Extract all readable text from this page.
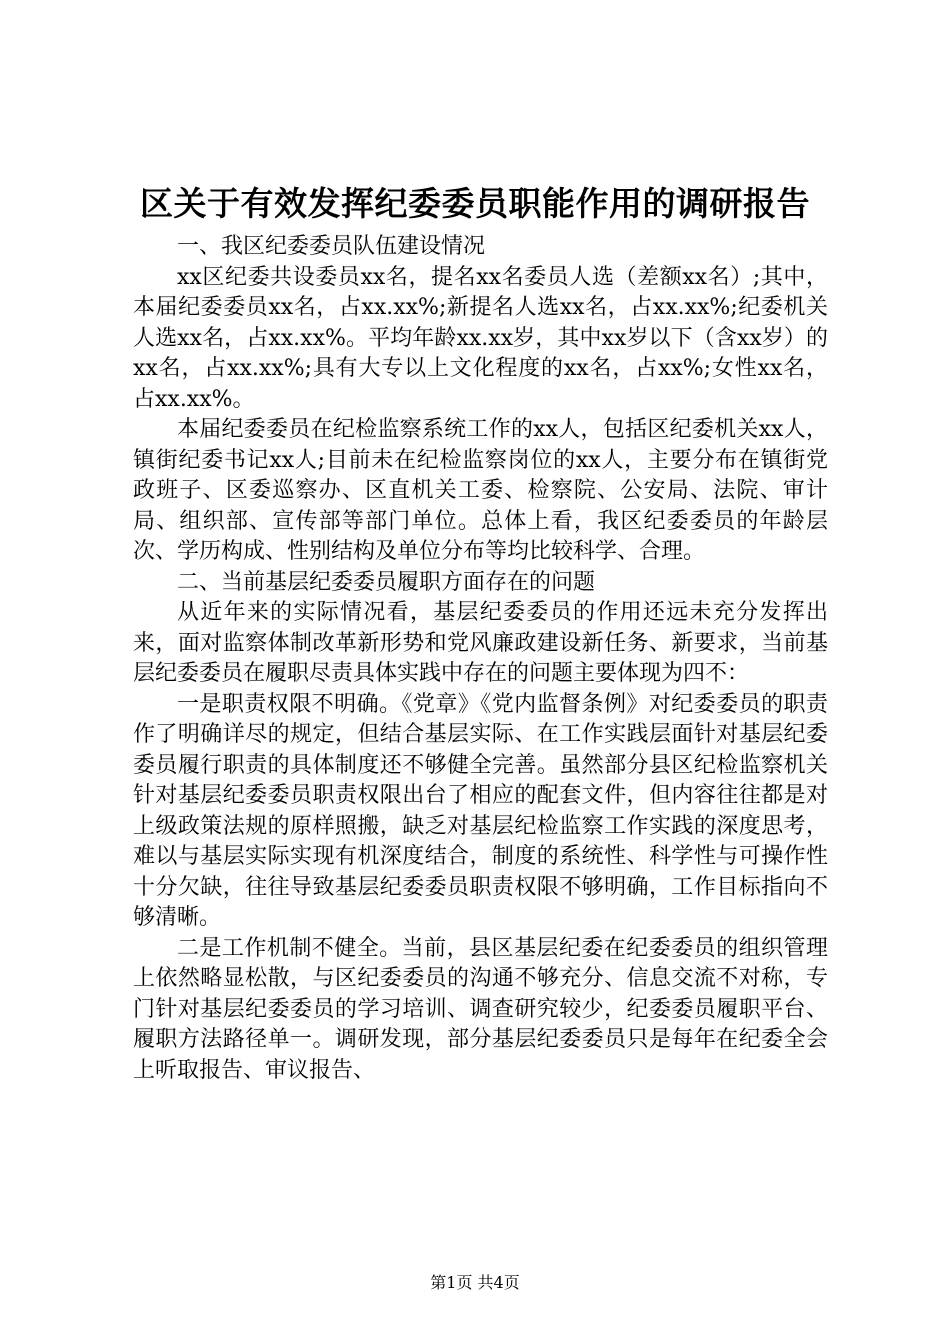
区关于有效发挥纪委委员职能作用的调研报告

一、我区纪委委员队伍建设情况

xx区纪委共设委员xx名，提名xx名委员人选（差额xx名）;其中，本届纪委委员xx名，占xx.xx%;新提名人选xx名，占xx.xx%;纪委机关人选xx名，占xx.xx%。平均年龄xx.xx岁，其中xx岁以下（含xx岁）的xx名，占xx.xx%;具有大专以上文化程度的xx名，占xx%;女性xx名，占xx.xx%。

本届纪委委员在纪检监察系统工作的xx人，包括区纪委机关xx人，镇街纪委书记xx人;目前未在纪检监察岗位的xx人，主要分布在镇街党政班子、区委巡察办、区直机关工委、检察院、公安局、法院、审计局、组织部、宣传部等部门单位。总体上看，我区纪委委员的年龄层次、学历构成、性别结构及单位分布等均比较科学、合理。

二、当前基层纪委委员履职方面存在的问题

从近年来的实际情况看，基层纪委委员的作用还远未充分发挥出来，面对监察体制改革新形势和党风廉政建设新任务、新要求，当前基层纪委委员在履职尽责具体实践中存在的问题主要体现为四不：

一是职责权限不明确。《党章》《党内监督条例》对纪委委员的职责作了明确详尽的规定，但结合基层实际、在工作实践层面针对基层纪委委员履行职责的具体制度还不够健全完善。虽然部分县区纪检监察机关针对基层纪委委员职责权限出台了相应的配套文件，但内容往往都是对上级政策法规的原样照搬，缺乏对基层纪检监察工作实践的深度思考，难以与基层实际实现有机深度结合，制度的系统性、科学性与可操作性十分欠缺，往往导致基层纪委委员职责权限不够明确，工作目标指向不够清晰。

二是工作机制不健全。当前，县区基层纪委在纪委委员的组织管理上依然略显松散，与区纪委委员的沟通不够充分、信息交流不对称，专门针对基层纪委委员的学习培训、调查研究较少，纪委委员履职平台、履职方法路径单一。调研发现，部分基层纪委委员只是每年在纪委全会上听取报告、审议报告、

第1页 共4页
